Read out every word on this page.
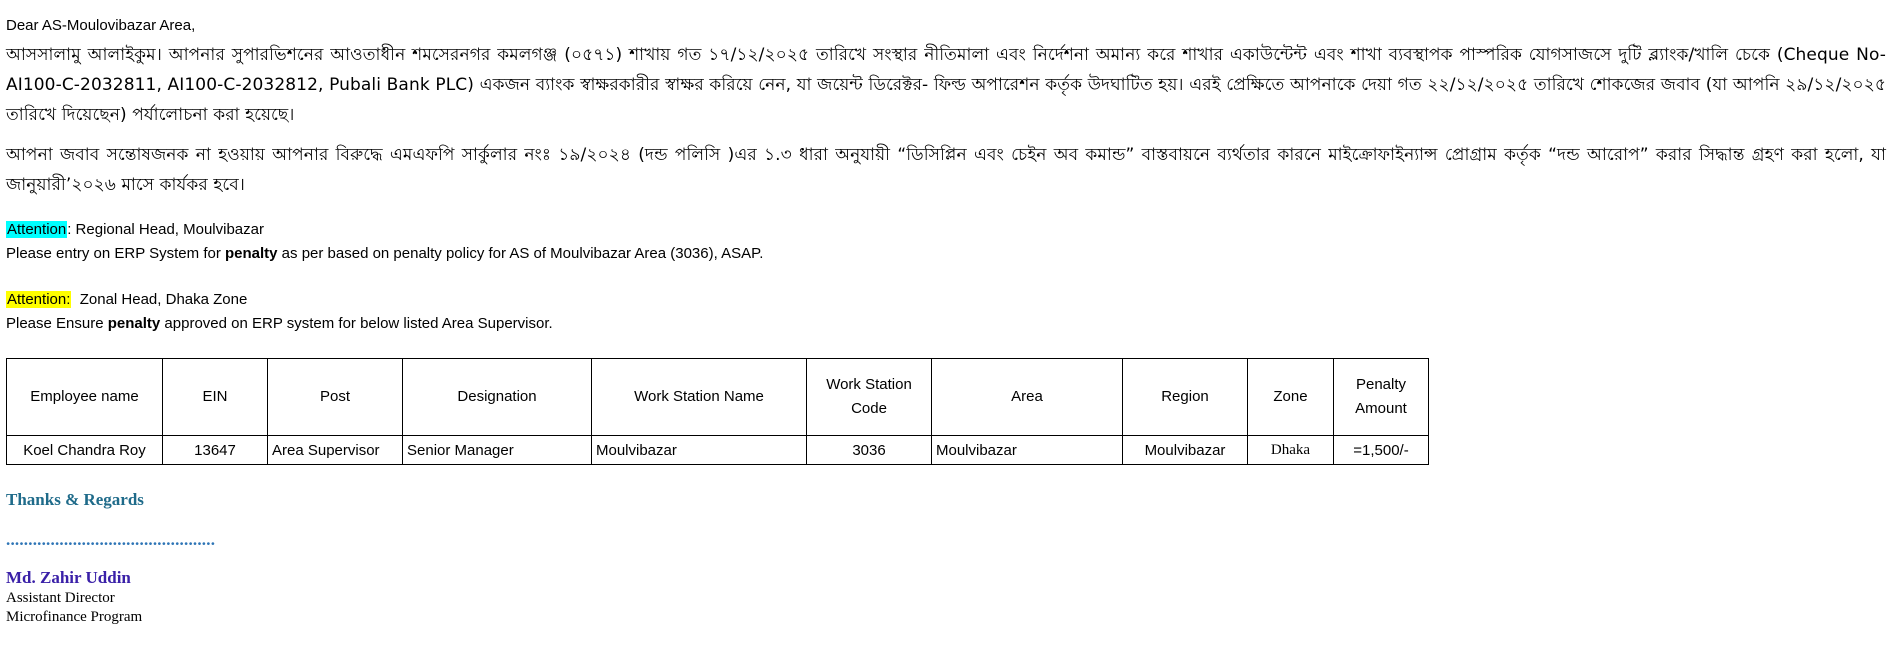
Dear AS-Moulovibazar Area,

আসসালামু আলাইকুম। আপনার সুপারভিশনের আওতাধীন শমসেরনগর কমলগঞ্জ (০৫৭১) শাখায় গত ১৭/১২/২০২৫ তারিখে সংস্থার নীতিমালা এবং নির্দেশনা অমান্য করে শাখার একাউন্টেন্ট এবং শাখা ব্যবস্থাপক পাস্পরিক যোগসাজসে দুটি ব্ল্যাংক/খালি চেকে (Cheque No-AI100-C-2032811, AI100-C-2032812, Pubali Bank PLC) একজন ব্যাংক স্বাক্ষরকারীর স্বাক্ষর করিয়ে নেন, যা জয়েন্ট ডিরেক্টর- ফিল্ড অপারেশন কর্তৃক উদঘাটিত হয়। এরই প্রেক্ষিতে আপনাকে দেয়া গত ২২/১২/২০২৫ তারিখে শোকজের জবাব (যা আপনি ২৯/১২/২০২৫ তারিখে দিয়েছেন) পর্যালোচনা করা হয়েছে।

আপনা জবাব সন্তোষজনক না হওয়ায় আপনার বিরুদ্ধে এমএফপি সার্কুলার নংঃ ১৯/২০২৪ (দন্ড পলিসি )এর ১.৩ ধারা অনুযায়ী “ডিসিপ্লিন এবং চেইন অব কমান্ড” বাস্তবায়নে ব্যর্থতার কারনে মাইক্রোফাইন্যান্স প্রোগ্রাম কর্তৃক “দন্ড আরোপ” করার সিদ্ধান্ত গ্রহণ করা হলো, যা জানুয়ারী’২০২৬ মাসে কার্যকর হবে।

Attention: Regional Head, Moulvibazar
Please entry on ERP System for penalty as per based on penalty policy for AS of Moulvibazar Area (3036), ASAP.
Attention:  Zonal Head, Dhaka Zone
Please Ensure penalty approved on ERP system for below listed Area Supervisor.
Employee name	EIN	Post	Designation	Work Station Name	Work Station Code	Area	Region	Zone	Penalty Amount
Koel Chandra Roy	13647	Area Supervisor	Senior Manager	Moulvibazar	3036	Moulvibazar	Moulvibazar	Dhaka	=1,500/-

Thanks & Regards

...............................................

Md. Zahir Uddin

Assistant Director

Microfinance Program
